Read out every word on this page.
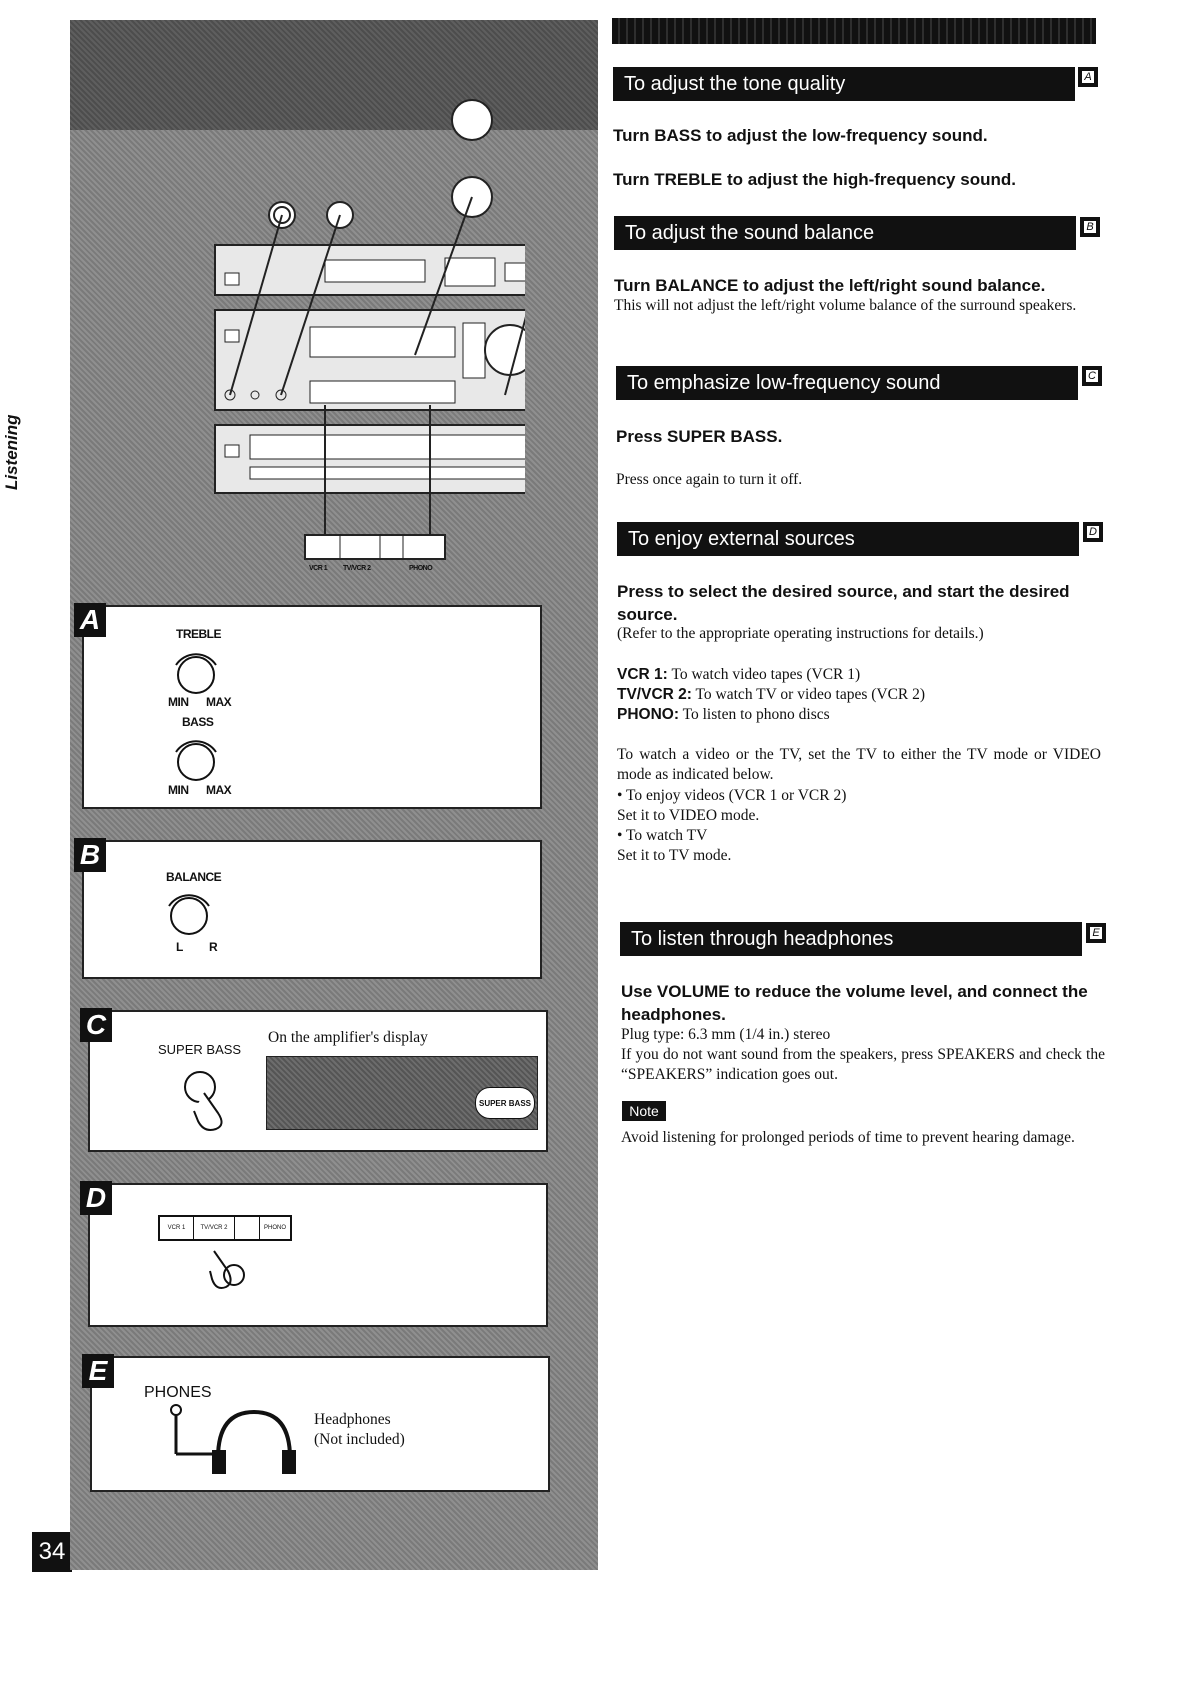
Listening
34
VCR 1 TV/VCR 2	PHONO
A	TREBLE
MIN MAX
BASS
MIN MAX
B
BALANCE
L R
C
SUPER BASS
On the amplifier's display
SUPER BASS
D
VCR 1	TV/VCR 2	PHONO
E
PHONES
Headphones
(Not included)
To adjust the tone quality	A
Turn BASS to adjust the low-frequency sound.
Turn TREBLE to adjust the high-frequency sound.
To adjust the sound balance	B
Turn BALANCE to adjust the left/right sound balance.
This will not adjust the left/right volume balance of the surround speakers.
To emphasize low-frequency sound	C
Press SUPER BASS.
Press once again to turn it off.
To enjoy external sources	D
Press to select the desired source, and start the desired source.
(Refer to the appropriate operating instructions for details.)
VCR 1: To watch video tapes (VCR 1)
TV/VCR 2: To watch TV or video tapes (VCR 2)
PHONO: To listen to phono discs
To watch a video or the TV, set the TV to either the TV mode or VIDEO mode as indicated below.
• To enjoy videos (VCR 1 or VCR 2)
Set it to VIDEO mode.
• To watch TV
Set it to TV mode.
To listen through headphones	E
Use VOLUME to reduce the volume level, and connect the headphones.
Plug type: 6.3 mm (1/4 in.) stereo
If you do not want sound from the speakers, press SPEAKERS and check the “SPEAKERS” indication goes out.
Note
Avoid listening for prolonged periods of time to prevent hearing damage.
